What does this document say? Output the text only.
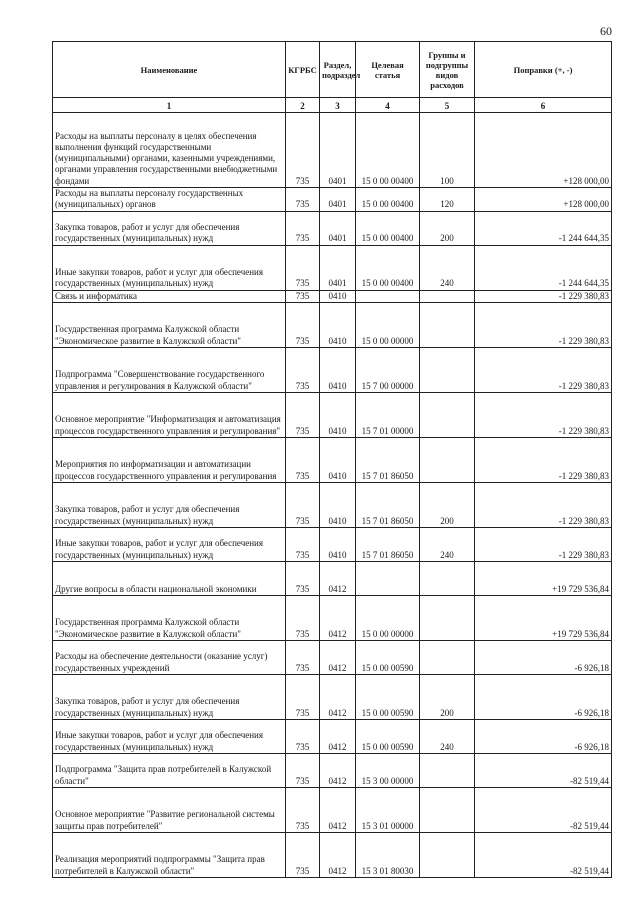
60
Наименование	КГРБС	Раздел, подраздел	Целевая статья	Группы и подгруппы видов расходов	Поправки (+, -)
1	2	3	4	5	6
Расходы на выплаты персоналу в целях обеспечения выполнения функций государственными (муниципальными) органами, казенными учреждениями, органами управления государственными внебюджетными фондами	735	0401	15 0 00 00400	100	+128 000,00
Расходы на выплаты персоналу государственных (муниципальных) органов	735	0401	15 0 00 00400	120	+128 000,00
Закупка товаров, работ и услуг для обеспечения государственных (муниципальных) нужд	735	0401	15 0 00 00400	200	-1 244 644,35
Иные закупки товаров, работ и услуг для обеспечения государственных (муниципальных) нужд	735	0401	15 0 00 00400	240	-1 244 644,35
Связь и информатика	735	0410			-1 229 380,83
Государственная программа Калужской области "Экономическое развитие в Калужской области"	735	0410	15 0 00 00000		-1 229 380,83
Подпрограмма "Совершенствование государственного управления и регулирования в Калужской области"	735	0410	15 7 00 00000		-1 229 380,83
Основное мероприятие "Информатизация и автоматизация процессов государственного управления и регулирования"	735	0410	15 7 01 00000		-1 229 380,83
Мероприятия по информатизации и автоматизации процессов государственного управления и регулирования	735	0410	15 7 01 86050		-1 229 380,83
Закупка товаров, работ и услуг для обеспечения государственных (муниципальных) нужд	735	0410	15 7 01 86050	200	-1 229 380,83
Иные закупки товаров, работ и услуг для обеспечения государственных (муниципальных) нужд	735	0410	15 7 01 86050	240	-1 229 380,83
Другие вопросы в области национальной экономики	735	0412			+19 729 536,84
Государственная программа Калужской области "Экономическое развитие в Калужской области"	735	0412	15 0 00 00000		+19 729 536,84
Расходы на обеспечение деятельности (оказание услуг) государственных учреждений	735	0412	15 0 00 00590		-6 926,18
Закупка товаров, работ и услуг для обеспечения государственных (муниципальных) нужд	735	0412	15 0 00 00590	200	-6 926,18
Иные закупки товаров, работ и услуг для обеспечения государственных (муниципальных) нужд	735	0412	15 0 00 00590	240	-6 926,18
Подпрограмма "Защита прав потребителей в Калужской области"	735	0412	15 3 00 00000		-82 519,44
Основное мероприятие "Развитие региональной системы защиты прав потребителей"	735	0412	15 3 01 00000		-82 519,44
Реализация мероприятий подпрограммы "Защита прав потребителей в Калужской области"	735	0412	15 3 01 80030		-82 519,44
